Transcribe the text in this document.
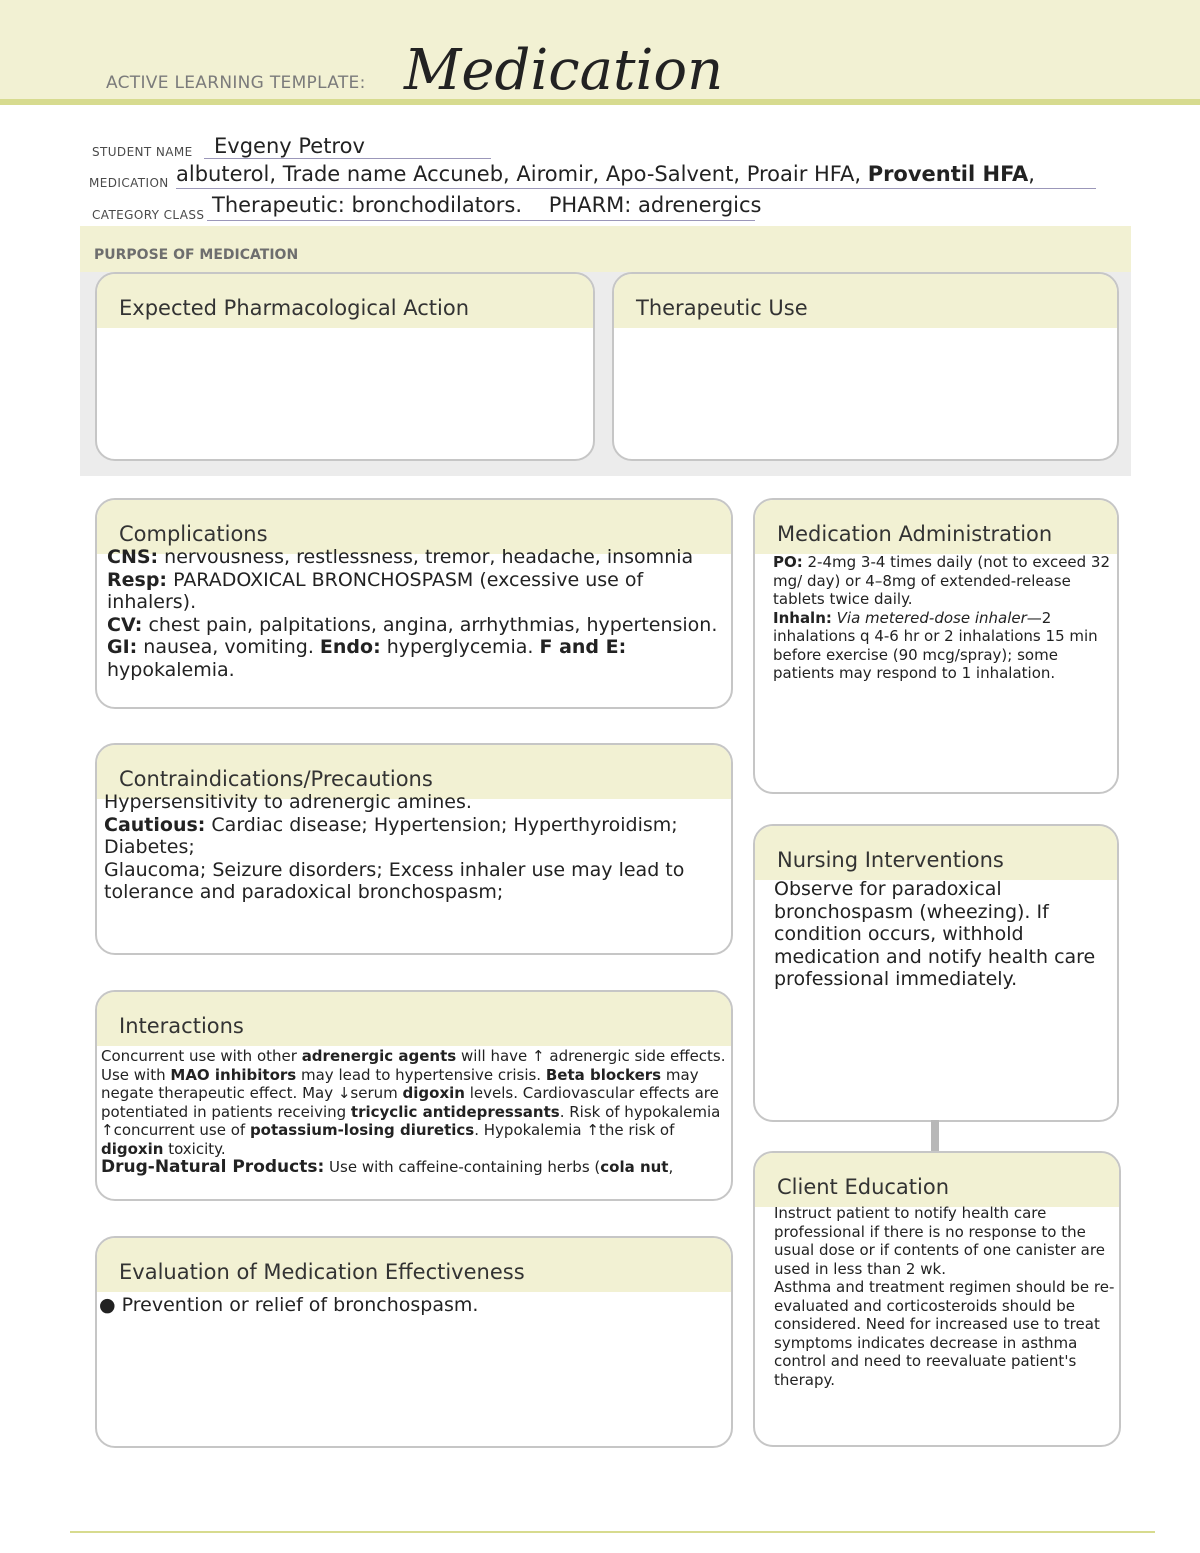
ACTIVE LEARNING TEMPLATE: Medication
STUDENT NAME Evgeny Petrov
MEDICATION albuterol, Trade name Accuneb, Airomir, Apo-Salvent, Proair HFA, Proventil HFA,
CATEGORY CLASS Therapeutic: bronchodilators.    PHARM: adrenergics
PURPOSE OF MEDICATION
Expected Pharmacological Action	Therapeutic Use
Complications
CNS: nervousness, restlessness, tremor, headache, insomnia
Resp: PARADOXICAL BRONCHOSPASM (excessive use of inhalers).
CV: chest pain, palpitations, angina, arrhythmias, hypertension.
GI: nausea, vomiting. Endo: hyperglycemia. F and E: hypokalemia.
Contraindications/Precautions
Hypersensitivity to adrenergic amines.
Cautious: Cardiac disease; Hypertension; Hyperthyroidism; Diabetes;
Glaucoma; Seizure disorders; Excess inhaler use may lead to tolerance and paradoxical bronchospasm;
Interactions
Concurrent use with other adrenergic agents will have ↑ adrenergic side effects. Use with MAO inhibitors may lead to hypertensive crisis. Beta blockers may negate therapeutic effect. May ↓serum digoxin levels. Cardiovascular effects are potentiated in patients receiving tricyclic antidepressants. Risk of hypokalemia ↑concurrent use of potassium-losing diuretics. Hypokalemia ↑the risk of digoxin toxicity.
Drug-Natural Products: Use with caffeine-containing herbs (cola nut,
Evaluation of Medication Effectiveness
● Prevention or relief of bronchospasm.
Medication Administration
PO: 2-4mg 3-4 times daily (not to exceed 32 mg/ day) or 4–8mg of extended-release tablets twice daily.
Inhaln: Via metered-dose inhaler—2 inhalations q 4-6 hr or 2 inhalations 15 min before exercise (90 mcg/spray); some patients may respond to 1 inhalation.
Nursing Interventions
Observe for paradoxical bronchospasm (wheezing). If condition occurs, withhold medication and notify health care professional immediately.
Client Education
Instruct patient to notify health care professional if there is no response to the usual dose or if contents of one canister are used in less than 2 wk.
Asthma and treatment regimen should be re-evaluated and corticosteroids should be considered. Need for increased use to treat symptoms indicates decrease in asthma control and need to reevaluate patient's therapy.
